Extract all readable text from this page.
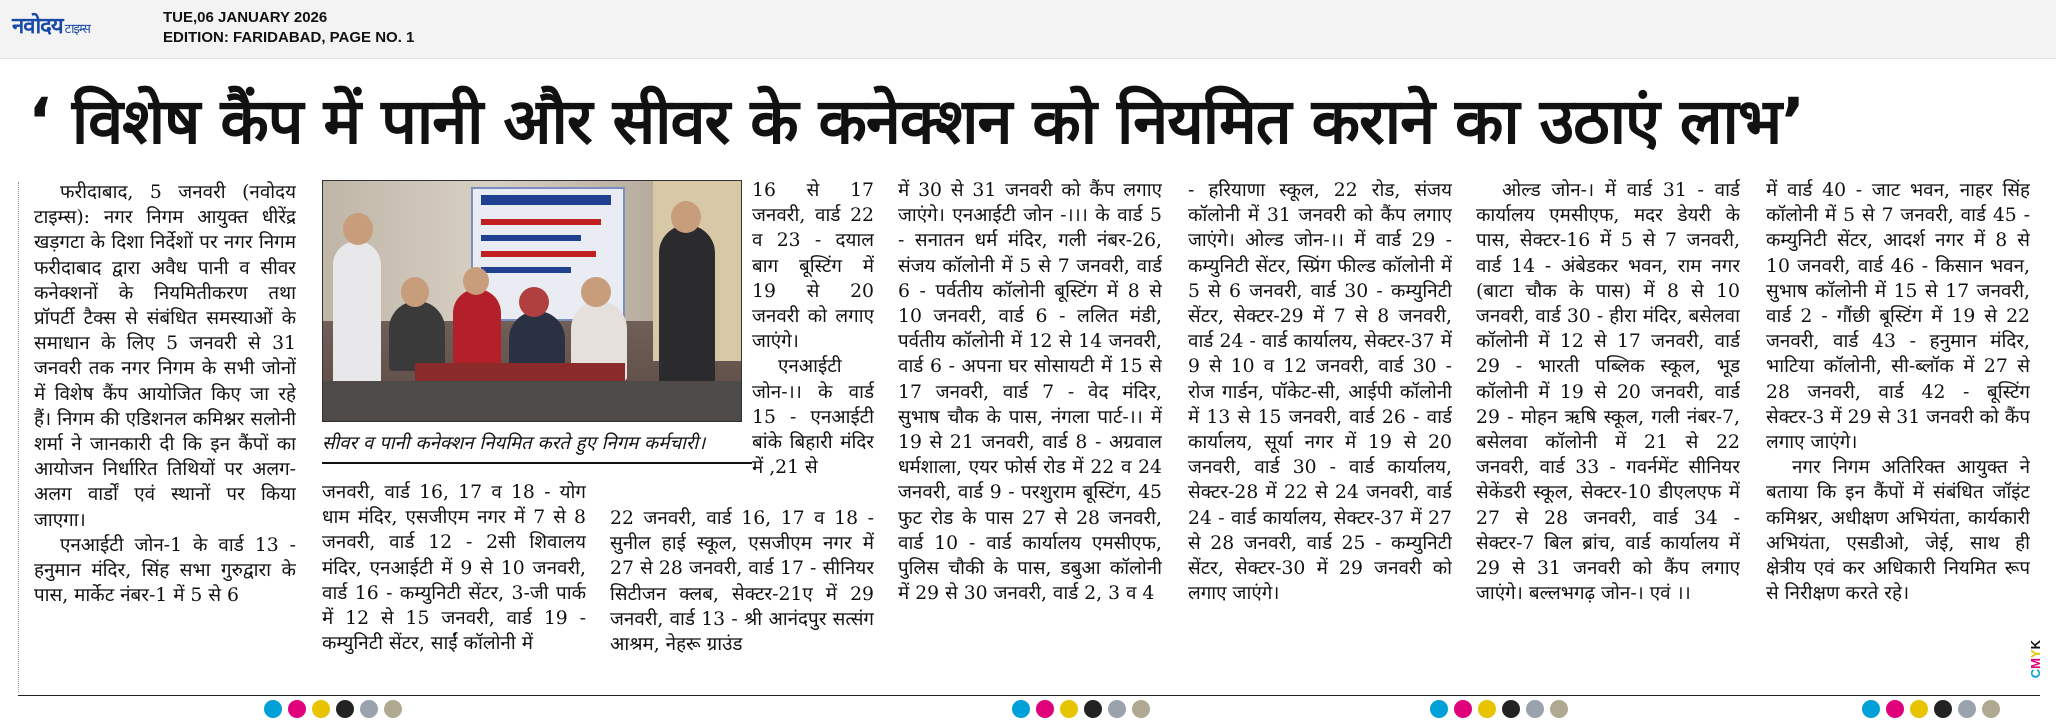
नवोदय टाइम्स
TUE,06 JANUARY 2026
EDITION: FARIDABAD, PAGE NO. 1
‘ विशेष कैंप में पानी और सीवर के कनेक्शन को नियमित कराने का उठाएं लाभ’

फरीदाबाद, 5 जनवरी (नवोदय टाइम्स): नगर निगम आयुक्त धीरेंद्र खड़गटा के दिशा निर्देशों पर नगर निगम फरीदाबाद द्वारा अवैध पानी व सीवर कनेक्शनों के नियमितीकरण तथा प्रॉपर्टी टैक्स से संबंधित समस्याओं के समाधान के लिए 5 जनवरी से 31 जनवरी तक नगर निगम के सभी जोनों में विशेष कैंप आयोजित किए जा रहे हैं। निगम की एडिशनल कमिश्नर सलोनी शर्मा ने जानकारी दी कि इन कैंपों का आयोजन निर्धारित तिथियों पर अलग-अलग वार्डों एवं स्थानों पर किया जाएगा।

एनआईटी जोन-1 के वार्ड 13 - हनुमान मंदिर, सिंह सभा गुरुद्वारा के पास, मार्केट नंबर-1 में 5 से 6

सीवर व पानी कनेक्शन नियमित करते हुए निगम कर्मचारी।

जनवरी, वार्ड 16, 17 व 18 - योग धाम मंदिर, एसजीएम नगर में 7 से 8 जनवरी, वार्ड 12 - 2सी शिवालय मंदिर, एनआईटी में 9 से 10 जनवरी, वार्ड 16 - कम्युनिटी सेंटर, 3-जी पार्क में 12 से 15 जनवरी, वार्ड 19 - कम्युनिटी सेंटर, साईं कॉलोनी में

16 से 17 जनवरी, वार्ड 22 व 23 - दयाल बाग बूस्टिंग में 19 से 20 जनवरी को लगाए जाएंगे।

एनआईटी जोन-।। के वार्ड 15 - एनआईटी बांके बिहारी मंदिर में ,21 से

22 जनवरी, वार्ड 16, 17 व 18 - सुनील हाई स्कूल, एसजीएम नगर में 27 से 28 जनवरी, वार्ड 17 - सीनियर सिटीजन क्लब, सेक्टर-21ए में 29 जनवरी, वार्ड 13 - श्री आनंदपुर सत्संग आश्रम, नेहरू ग्राउंड

में 30 से 31 जनवरी को कैंप लगाए जाएंगे। एनआईटी जोन -।।। के वार्ड 5 - सनातन धर्म मंदिर, गली नंबर-26, संजय कॉलोनी में 5 से 7 जनवरी, वार्ड 6 - पर्वतीय कॉलोनी बूस्टिंग में 8 से 10 जनवरी, वार्ड 6 - ललित मंडी, पर्वतीय कॉलोनी में 12 से 14 जनवरी, वार्ड 6 - अपना घर सोसायटी में 15 से 17 जनवरी, वार्ड 7 - वेद मंदिर, सुभाष चौक के पास, नंगला पार्ट-।। में 19 से 21 जनवरी, वार्ड 8 - अग्रवाल धर्मशाला, एयर फोर्स रोड में 22 व 24 जनवरी, वार्ड 9 - परशुराम बूस्टिंग, 45 फुट रोड के पास 27 से 28 जनवरी, वार्ड 10 - वार्ड कार्यालय एमसीएफ, पुलिस चौकी के पास, डबुआ कॉलोनी में 29 से 30 जनवरी, वार्ड 2, 3 व 4

- हरियाणा स्कूल, 22 रोड, संजय कॉलोनी में 31 जनवरी को कैंप लगाए जाएंगे। ओल्ड जोन-।। में वार्ड 29 - कम्युनिटी सेंटर, स्प्रिंग फील्ड कॉलोनी में 5 से 6 जनवरी, वार्ड 30 - कम्युनिटी सेंटर, सेक्टर-29 में 7 से 8 जनवरी, वार्ड 24 - वार्ड कार्यालय, सेक्टर-37 में 9 से 10 व 12 जनवरी, वार्ड 30 - रोज गार्डन, पॉकेट-सी, आईपी कॉलोनी में 13 से 15 जनवरी, वार्ड 26 - वार्ड कार्यालय, सूर्या नगर में 19 से 20 जनवरी, वार्ड 30 - वार्ड कार्यालय, सेक्टर-28 में 22 से 24 जनवरी, वार्ड 24 - वार्ड कार्यालय, सेक्टर-37 में 27 से 28 जनवरी, वार्ड 25 - कम्युनिटी सेंटर, सेक्टर-30 में 29 जनवरी को लगाए जाएंगे।

ओल्ड जोन-। में वार्ड 31 - वार्ड कार्यालय एमसीएफ, मदर डेयरी के पास, सेक्टर-16 में 5 से 7 जनवरी, वार्ड 14 - अंबेडकर भवन, राम नगर (बाटा चौक के पास) में 8 से 10 जनवरी, वार्ड 30 - हीरा मंदिर, बसेलवा कॉलोनी में 12 से 17 जनवरी, वार्ड 29 - भारती पब्लिक स्कूल, भूड कॉलोनी में 19 से 20 जनवरी, वार्ड 29 - मोहन ऋषि स्कूल, गली नंबर-7, बसेलवा कॉलोनी में 21 से 22 जनवरी, वार्ड 33 - गवर्नमेंट सीनियर सेकेंडरी स्कूल, सेक्टर-10 डीएलएफ में 27 से 28 जनवरी, वार्ड 34 - सेक्टर-7 बिल ब्रांच, वार्ड कार्यालय में 29 से 31 जनवरी को कैंप लगाए जाएंगे। बल्लभगढ़ जोन-। एवं ।।

में वार्ड 40 - जाट भवन, नाहर सिंह कॉलोनी में 5 से 7 जनवरी, वार्ड 45 - कम्युनिटी सेंटर, आदर्श नगर में 8 से 10 जनवरी, वार्ड 46 - किसान भवन, सुभाष कॉलोनी में 15 से 17 जनवरी, वार्ड 2 - गौंछी बूस्टिंग में 19 से 22 जनवरी, वार्ड 43 - हनुमान मंदिर, भाटिया कॉलोनी, सी-ब्लॉक में 27 से 28 जनवरी, वार्ड 42 - बूस्टिंग सेक्टर-3 में 29 से 31 जनवरी को कैंप लगाए जाएंगे।

नगर निगम अतिरिक्त आयुक्त ने बताया कि इन कैंपों में संबंधित जॉइंट कमिश्नर, अधीक्षण अभियंता, कार्यकारी अभियंता, एसडीओ, जेई, साथ ही क्षेत्रीय एवं कर अधिकारी नियमित रूप से निरीक्षण करते रहे।

CMYK
